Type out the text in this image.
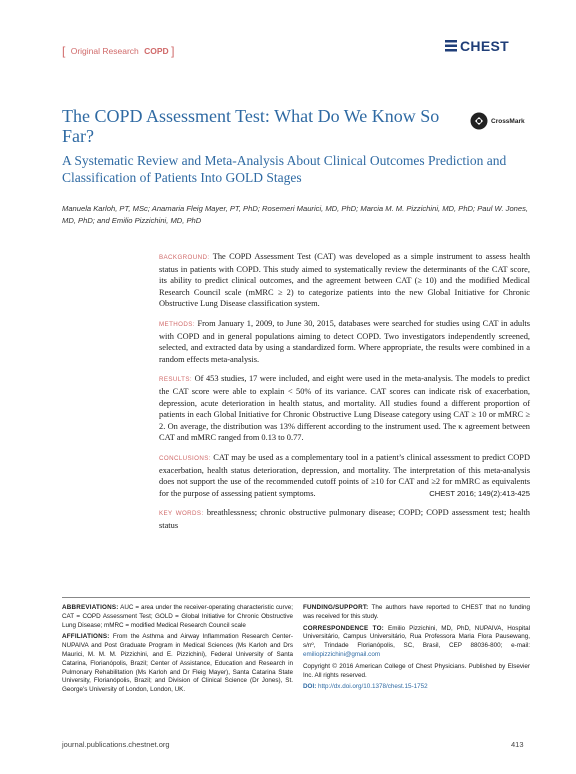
[ Original Research COPD ]	CHEST
The COPD Assessment Test: What Do We Know So Far?
CrossMark
A Systematic Review and Meta-Analysis About Clinical Outcomes Prediction and Classification of Patients Into GOLD Stages
Manuela Karloh, PT, MSc; Anamaria Fleig Mayer, PT, PhD; Rosemeri Maurici, MD, PhD; Marcia M. M. Pizzichini, MD, PhD; Paul W. Jones, MD, PhD; and Emilio Pizzichini, MD, PhD

BACKGROUND: The COPD Assessment Test (CAT) was developed as a simple instrument to assess health status in patients with COPD. This study aimed to systematically review the determinants of the CAT score, its ability to predict clinical outcomes, and the agreement between CAT (≥ 10) and the modified Medical Research Council scale (mMRC ≥ 2) to categorize patients into the new Global Initiative for Chronic Obstructive Lung Disease classification system.

METHODS: From January 1, 2009, to June 30, 2015, databases were searched for studies using CAT in adults with COPD and in general populations aiming to detect COPD. Two investigators independently screened, selected, and extracted data by using a standardized form. Where appropriate, the results were combined in a random effects meta-analysis.

RESULTS: Of 453 studies, 17 were included, and eight were used in the meta-analysis. The models to predict the CAT score were able to explain < 50% of its variance. CAT scores can indicate risk of exacerbation, depression, acute deterioration in health status, and mortality. All studies found a different proportion of patients in each Global Initiative for Chronic Obstructive Lung Disease category using CAT ≥ 10 or mMRC ≥ 2. On average, the distribution was 13% different according to the instrument used. The κ agreement between CAT and mMRC ranged from 0.13 to 0.77.

CONCLUSIONS: CAT may be used as a complementary tool in a patient’s clinical assessment to predict COPD exacerbation, health status deterioration, depression, and mortality. The interpretation of this meta-analysis does not support the use of the recommended cutoff points of ≥10 for CAT and ≥2 for mMRC as equivalents for the purpose of assessing patient symptoms.	CHEST 2016; 149(2):413-425

KEY WORDS: breathlessness; chronic obstructive pulmonary disease; COPD; COPD assessment test; health status

ABBREVIATIONS: AUC = area under the receiver-operating characteristic curve; CAT = COPD Assessment Test; GOLD = Global Initiative for Chronic Obstructive Lung Disease; mMRC = modified Medical Research Council scale

AFFILIATIONS: From the Asthma and Airway Inflammation Research Center-NUPAIVA and Post Graduate Program in Medical Sciences (Ms Karloh and Drs Maurici, M. M. M. Pizzichini, and E. Pizzichini), Federal University of Santa Catarina, Florianópolis, Brazil; Center of Assistance, Education and Research in Pulmonary Rehabilitation (Ms Karloh and Dr Fleig Mayer), Santa Catarina State University, Florianópolis, Brazil; and Division of Clinical Science (Dr Jones), St. George’s University of London, London, UK.

FUNDING/SUPPORT: The authors have reported to CHEST that no funding was received for this study.

CORRESPONDENCE TO: Emilio Pizzichini, MD, PhD, NUPAIVA, Hospital Universitário, Campus Universitário, Rua Professora Maria Flora Pausewang, s/nº, Trindade Florianópolis, SC, Brasil, CEP 88036-800; e-mail: emiliopizzichini@gmail.com

Copyright © 2016 American College of Chest Physicians. Published by Elsevier Inc. All rights reserved.

DOI: http://dx.doi.org/10.1378/chest.15-1752

journal.publications.chestnet.org	413
